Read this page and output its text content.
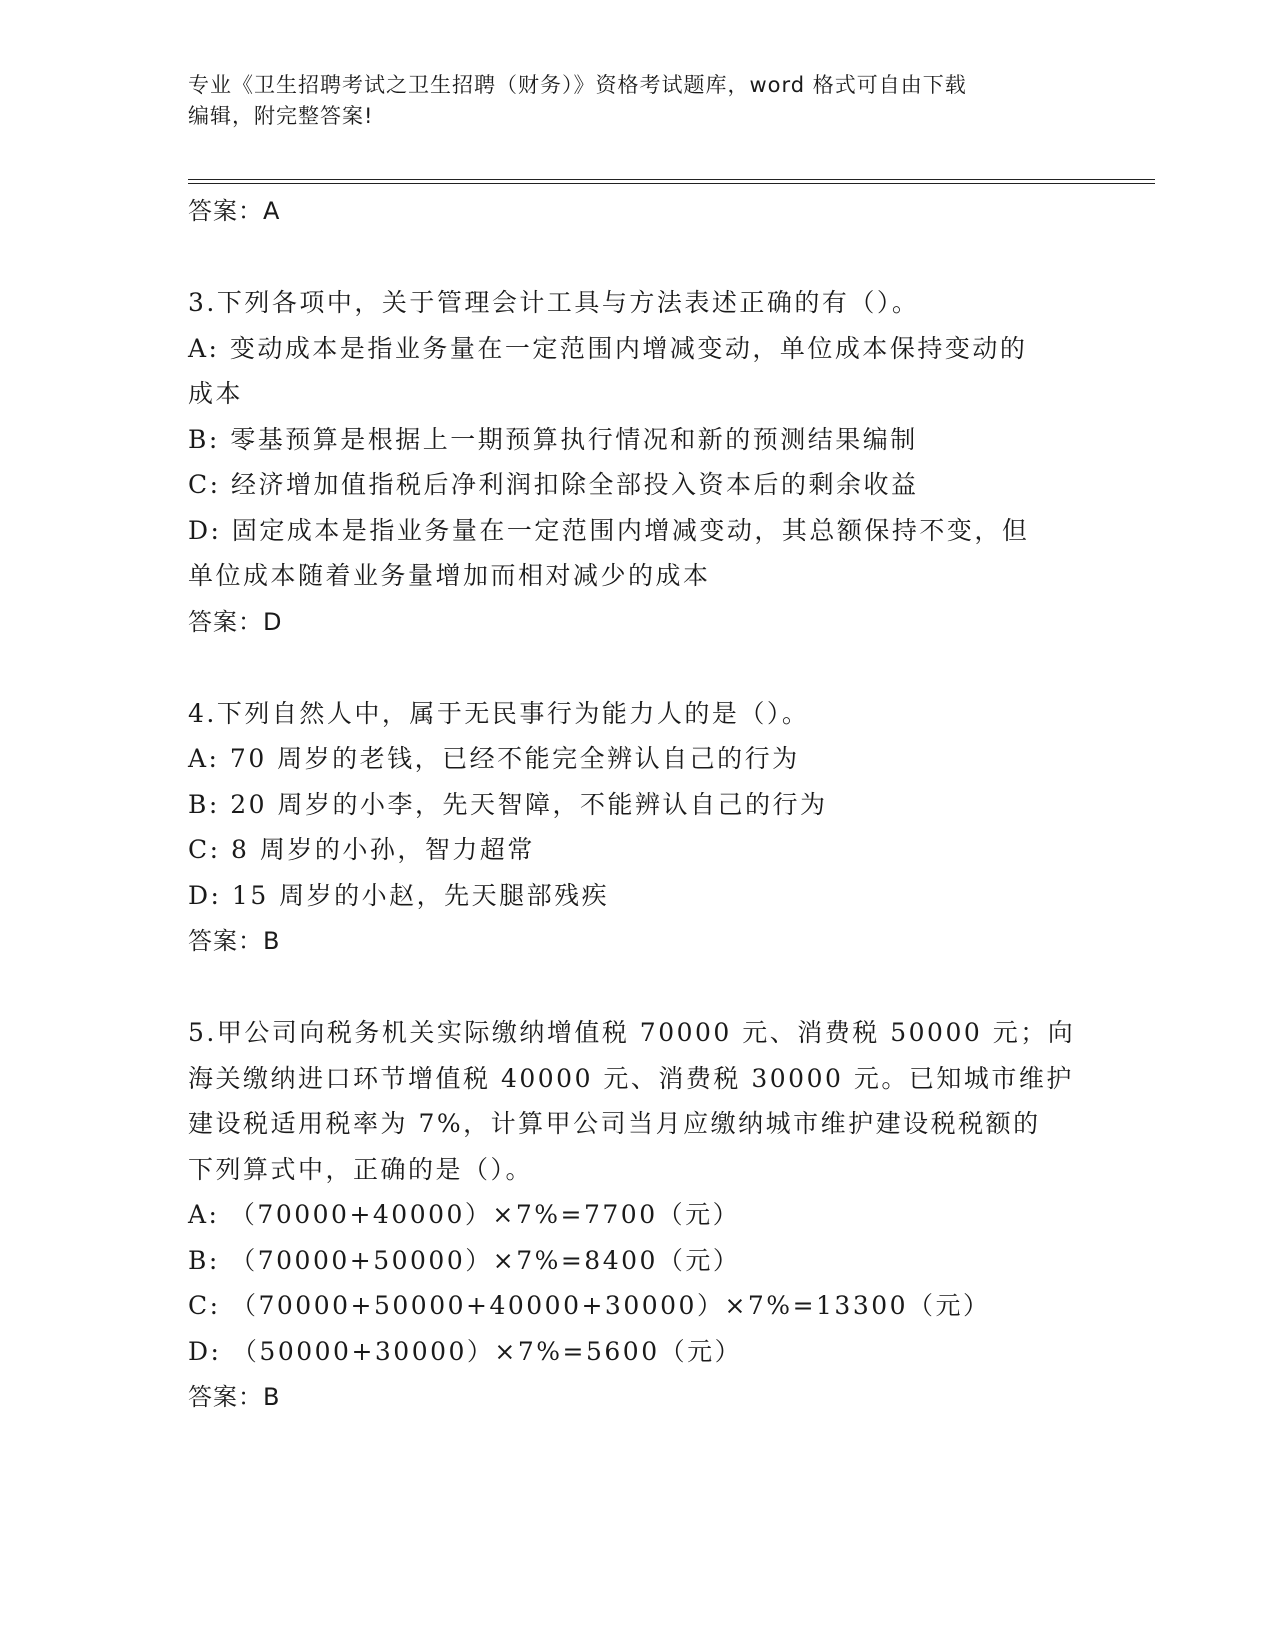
专业《卫生招聘考试之卫生招聘（财务）》资格考试题库，word 格式可自由下载
编辑，附完整答案!

答案：A

3.下列各项中，关于管理会计工具与方法表述正确的有（）。

A: 变动成本是指业务量在一定范围内增减变动，单位成本保持变动的

成本

B: 零基预算是根据上一期预算执行情况和新的预测结果编制

C: 经济增加值指税后净利润扣除全部投入资本后的剩余收益

D: 固定成本是指业务量在一定范围内增减变动，其总额保持不变，但

单位成本随着业务量增加而相对减少的成本

答案：D

4.下列自然人中，属于无民事行为能力人的是（）。

A: 70 周岁的老钱，已经不能完全辨认自己的行为

B: 20 周岁的小李，先天智障，不能辨认自己的行为

C: 8 周岁的小孙，智力超常

D: 15 周岁的小赵，先天腿部残疾

答案：B

5.甲公司向税务机关实际缴纳增值税 70000 元、消费税 50000 元；向

海关缴纳进口环节增值税 40000 元、消费税 30000 元。已知城市维护

建设税适用税率为 7%，计算甲公司当月应缴纳城市维护建设税税额的

下列算式中，正确的是（）。

A: （70000+40000）×7%=7700（元）

B: （70000+50000）×7%=8400（元）

C: （70000+50000+40000+30000）×7%=13300（元）

D: （50000+30000）×7%=5600（元）

答案：B
